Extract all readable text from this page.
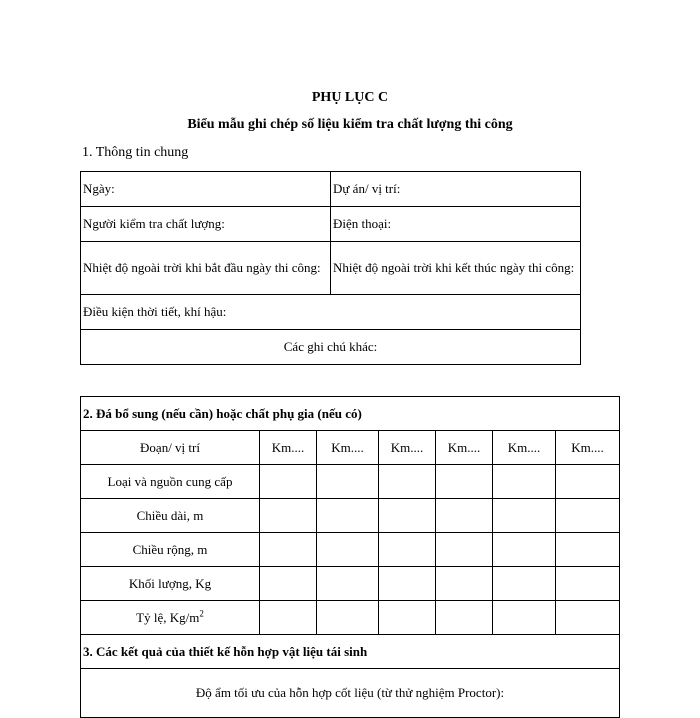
PHỤ LỤC C
Biểu mẫu ghi chép số liệu kiểm tra chất lượng thi công
1. Thông tin chung
Ngày:	Dự án/ vị trí:
Người kiểm tra chất lượng:	Điện thoại:
Nhiệt độ ngoài trời khi bắt đầu ngày thi công:	Nhiệt độ ngoài trời khi kết thúc ngày thi công:
Điều kiện thời tiết, khí hậu:	
Các ghi chú khác:	
2. Đá bổ sung (nếu cần) hoặc chất phụ gia (nếu có)						
Đoạn/ vị trí	Km....	Km....	Km....	Km....	Km....	Km....
Loại và nguồn cung cấp						
Chiều dài, m						
Chiều rộng, m						
Khối lượng, Kg						
Tỷ lệ, $Kg/m^2$						
3. Các kết quả của thiết kế hỗn hợp vật liệu tái sinh						
Độ ẩm tối ưu của hỗn hợp cốt liệu (từ thử nghiệm Proctor):						
